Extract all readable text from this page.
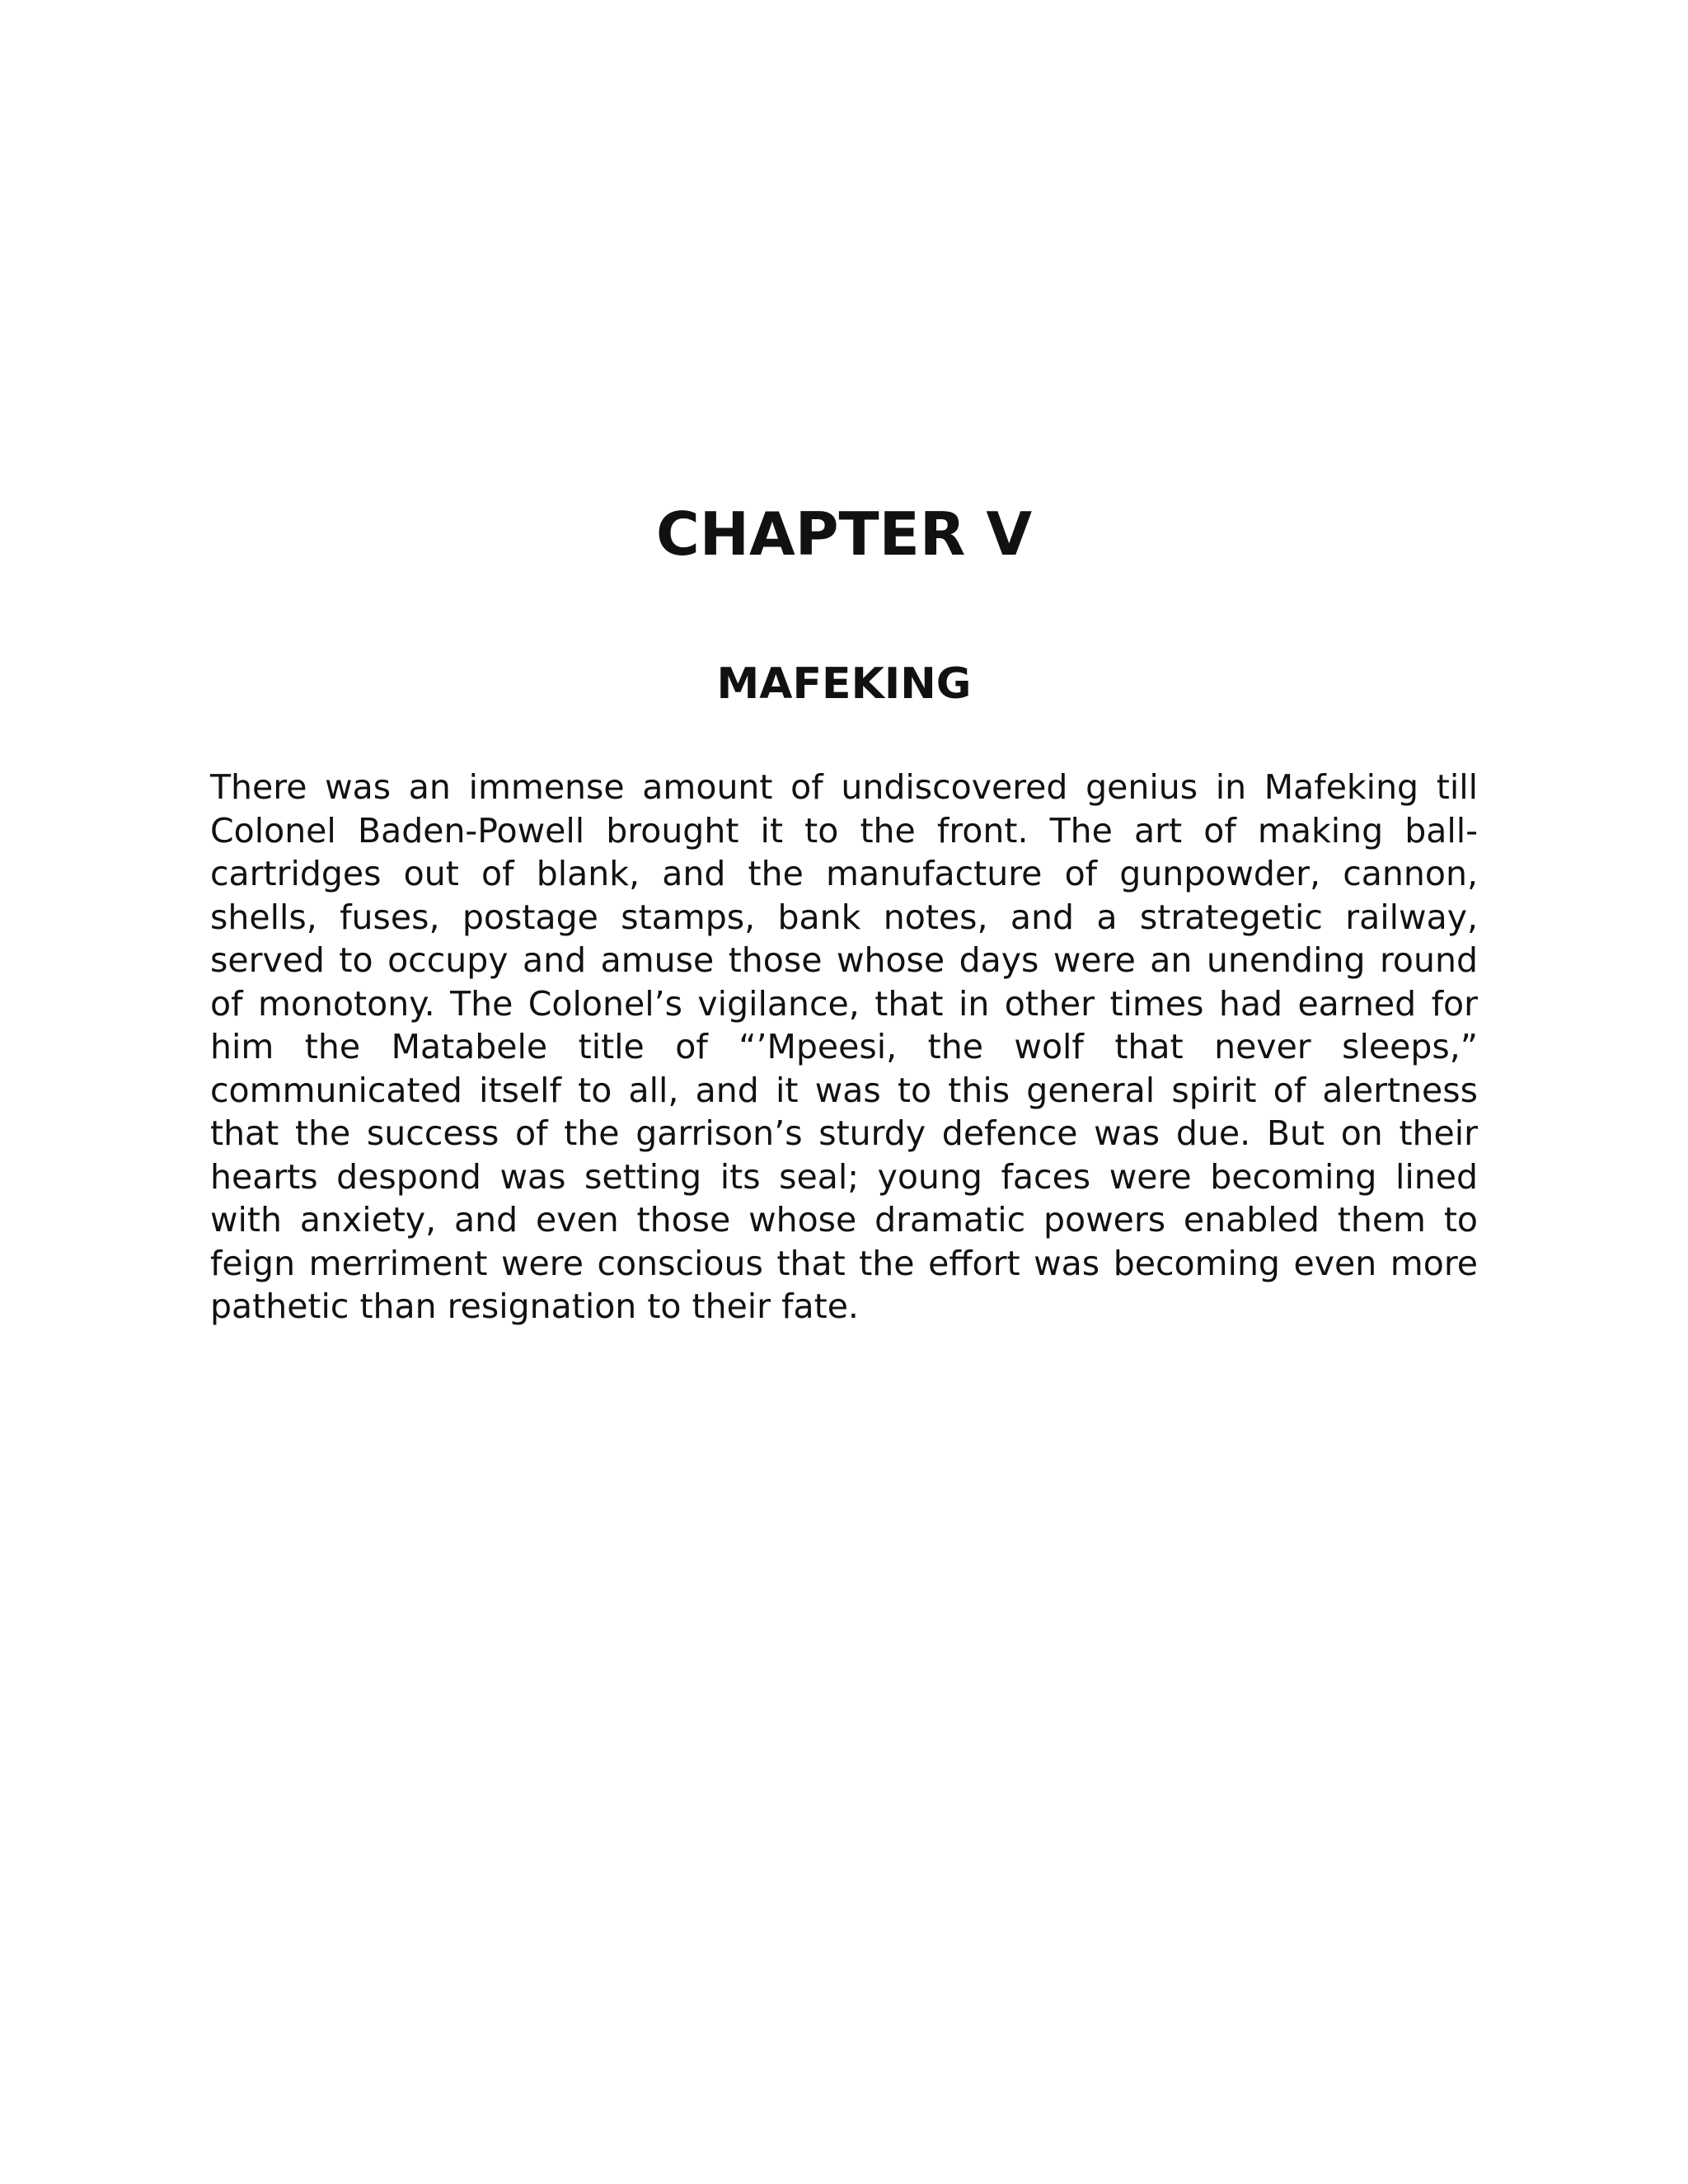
CHAPTER V
MAFEKING

There was an immense amount of undiscovered genius in Mafeking till Colonel Baden-Powell brought it to the front. The art of making ball-cartridges out of blank, and the manufacture of gunpowder, cannon, shells, fuses, postage stamps, bank notes, and a strategetic railway, served to occupy and amuse those whose days were an unending round of monotony. The Colonel’s vigilance, that in other times had earned for him the Matabele title of “’Mpeesi, the wolf that never sleeps,” communicated itself to all, and it was to this general spirit of alertness that the success of the garrison’s sturdy defence was due. But on their hearts despond was setting its seal; young faces were becoming lined with anxiety, and even those whose dramatic powers enabled them to feign merriment were conscious that the effort was becoming even more pathetic than resignation to their fate.
